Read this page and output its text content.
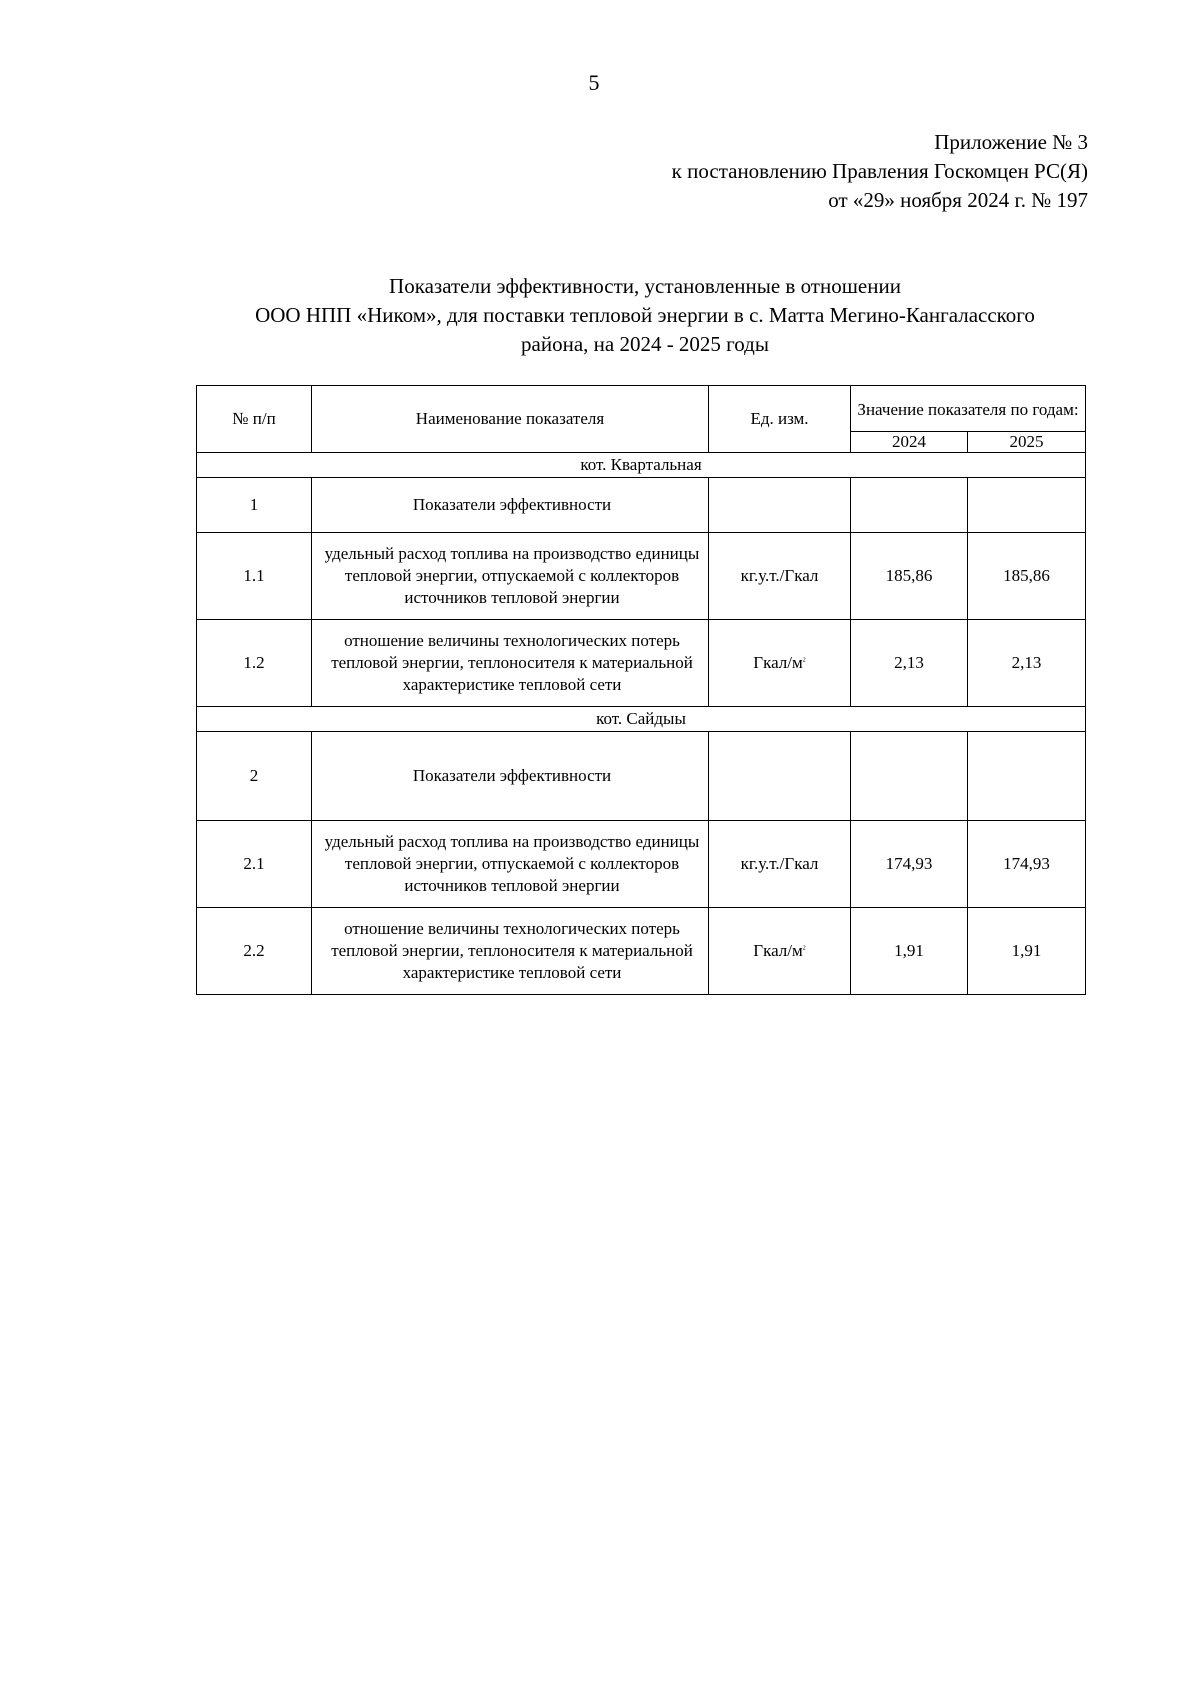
5
Приложение № 3
к постановлению Правления Госкомцен РС(Я)
от «29» ноября 2024 г. № 197
Показатели эффективности, установленные в отношении
ООО НПП «Ником», для поставки тепловой энергии в с. Матта Мегино-Кангаласского
района, на 2024 - 2025 годы
№ п/п	Наименование показателя	Ед. изм.	Значение показателя по годам:	
			2024	2025
кот. Квартальная				
1	Показатели эффективности			
1.1	удельный расход топлива на производство единицы тепловой энергии, отпускаемой с коллекторов источников тепловой энергии	кг.у.т./Гкал	185,86	185,86
1.2	отношение величины технологических потерь тепловой энергии, теплоносителя к материальной характеристике тепловой сети	Гкал/$м^2$	2,13	2,13
кот. Сайдыы				
2	Показатели эффективности			
2.1	удельный расход топлива на производство единицы тепловой энергии, отпускаемой с коллекторов источников тепловой энергии	кг.у.т./Гкал	174,93	174,93
2.2	отношение величины технологических потерь тепловой энергии, теплоносителя к материальной характеристике тепловой сети	Гкал/$м^2$	1,91	1,91
